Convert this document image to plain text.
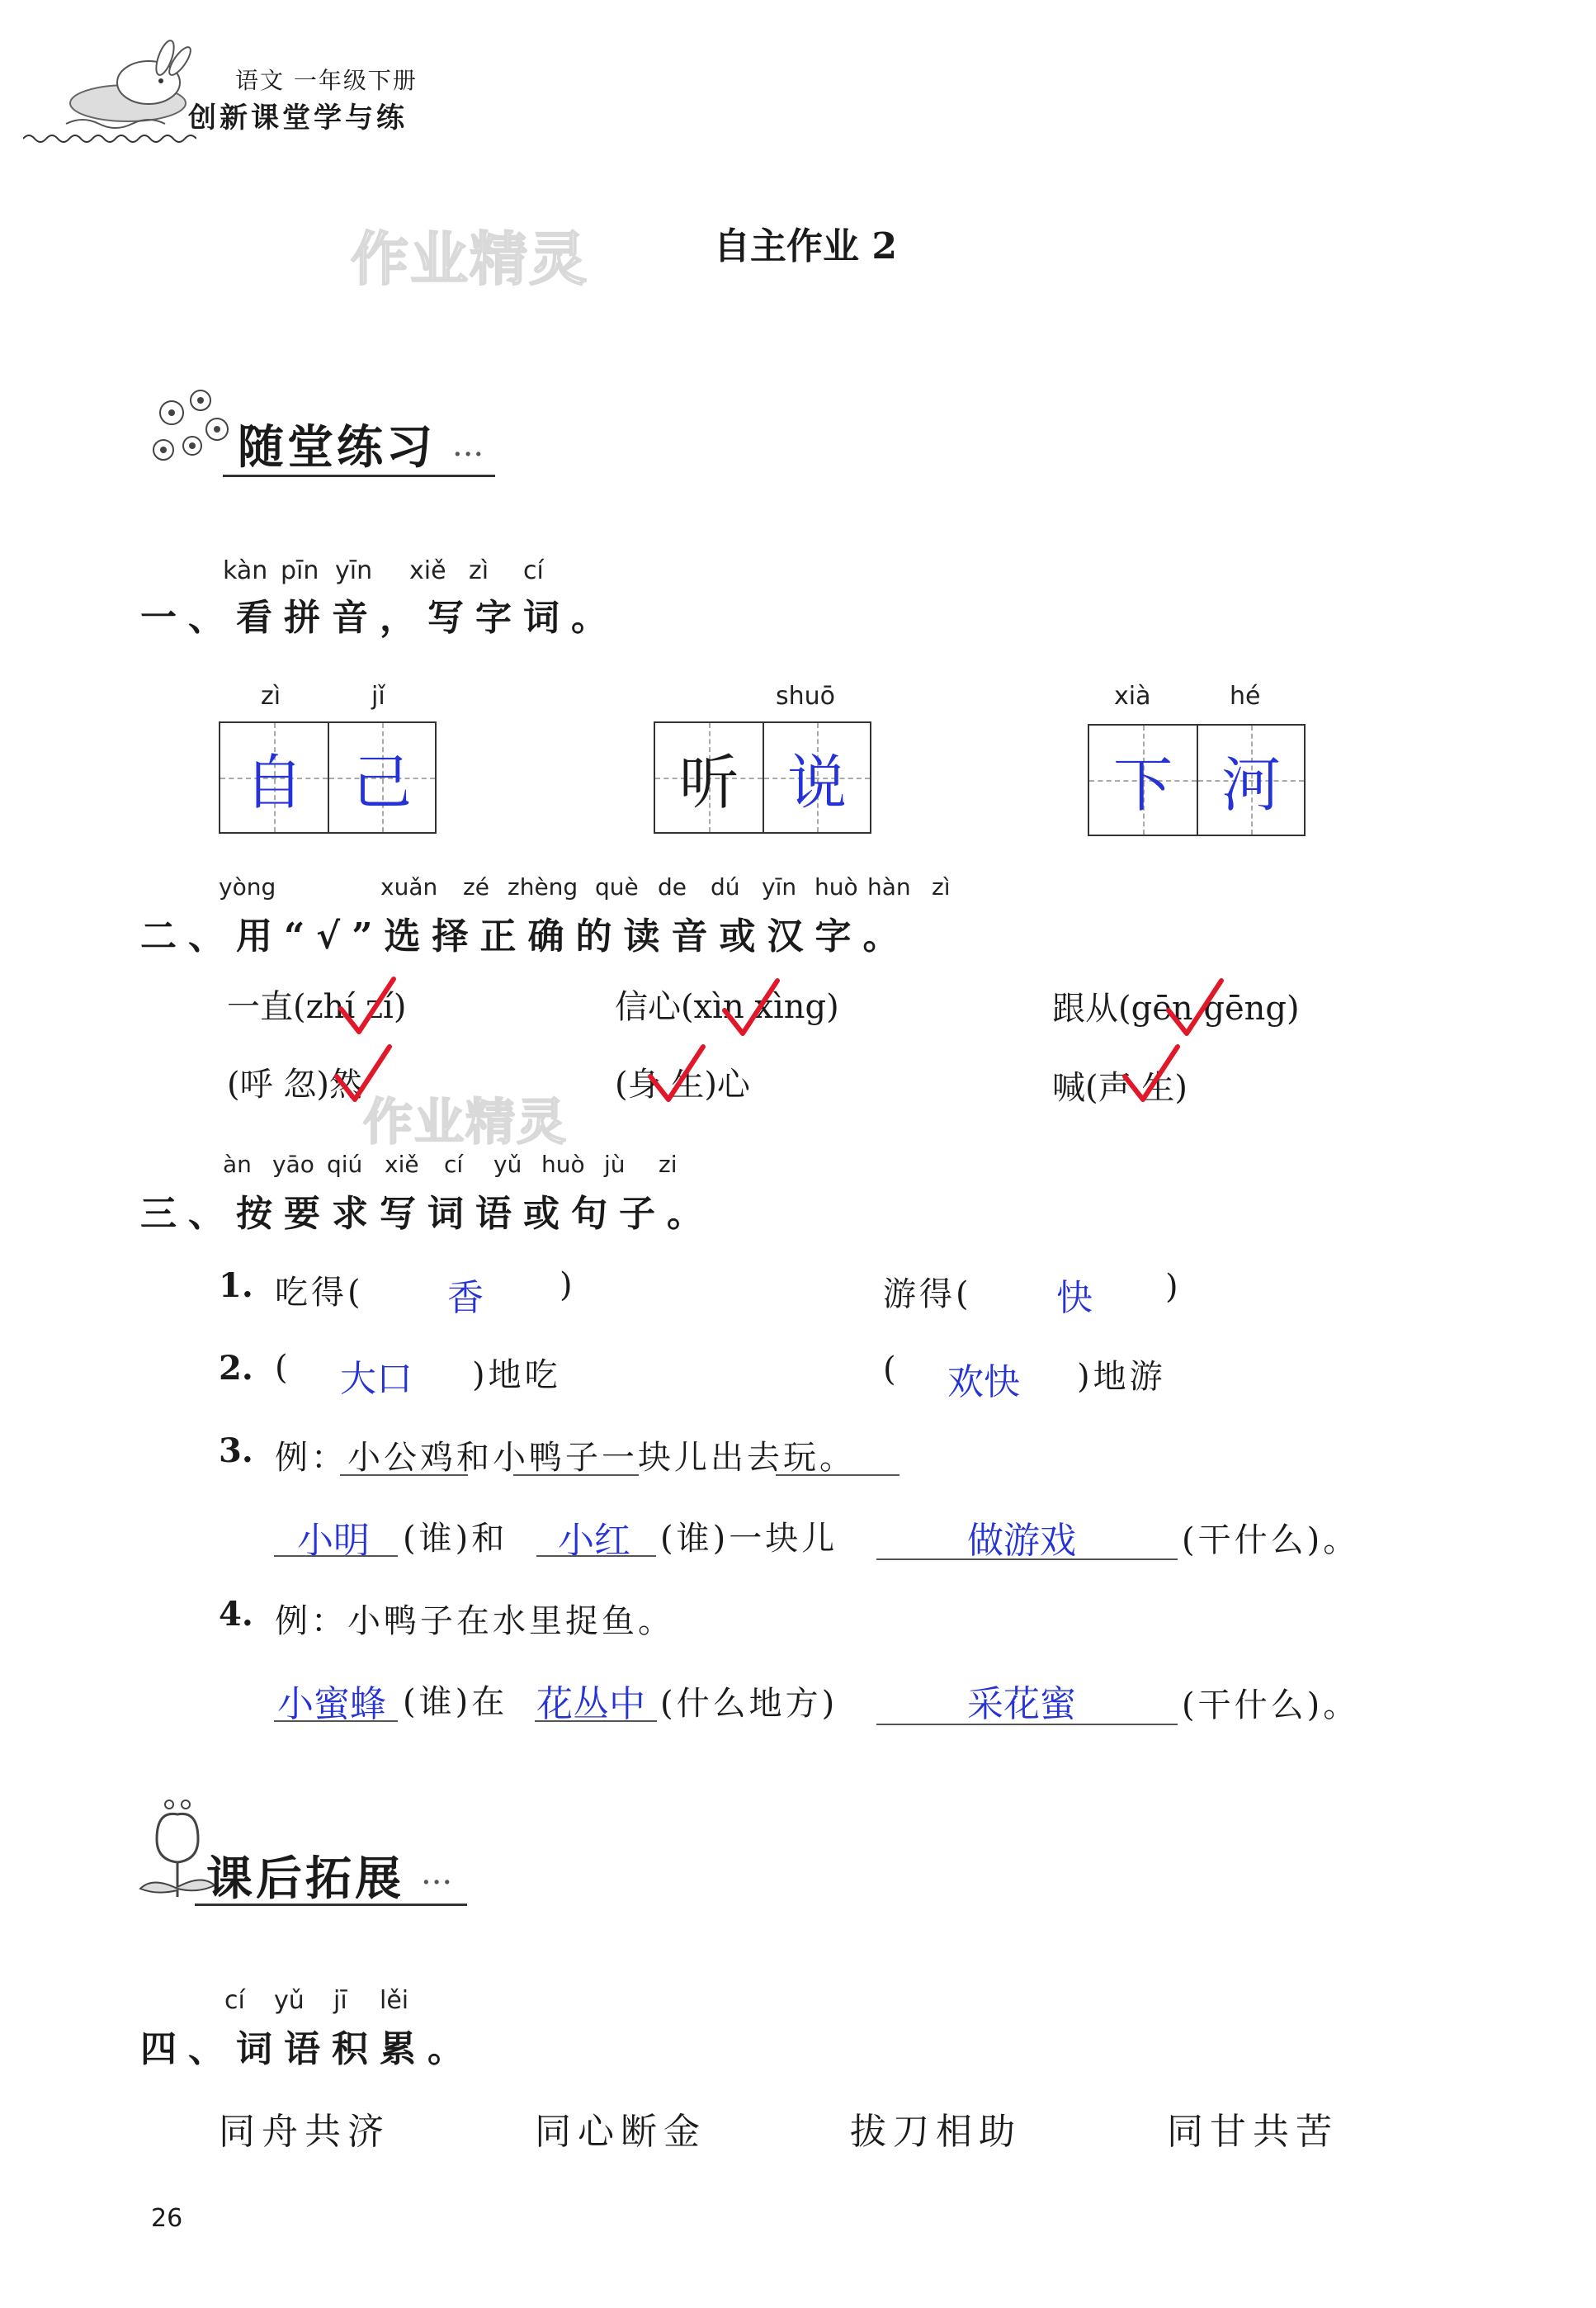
语文 一年级下册
创新课堂学与练
作业精灵	自主作业 2
随堂练习 ...
kàn pīn yīn xiě zì cí
一、看拼音，写字词。
zì	jǐ
自 己
shuō
听 说
xià	hé
下 河
yòng	xuǎn zé zhèng què de dú yīn huò hàn zì
二、用“√”选择正确的读音或汉字。
一直(zhí zí)	信心(xìn xìng)	跟从(gēn gēng)
(呼 忽)然	(身 生)心	喊(声 生)
作业精灵
àn yāo qiú xiě cí yǔ huò jù zi
三、按要求写词语或句子。
1. 吃得( 香 )	游得( 快 )
2. ( 大口 )地吃	( 欢快 )地游
3. 例：小公鸡和小鸭子一块儿出去玩。
小明 (谁)和 小红 (谁)一块儿	做游戏	(干什么)。
4. 例：小鸭子在水里捉鱼。
小蜜蜂 (谁)在 花丛中 (什么地方)	采花蜜	(干什么)。
课后拓展 ...
cí yǔ jī lěi
四、词语积累。
同舟共济	同心断金	拔刀相助	同甘共苦
26
